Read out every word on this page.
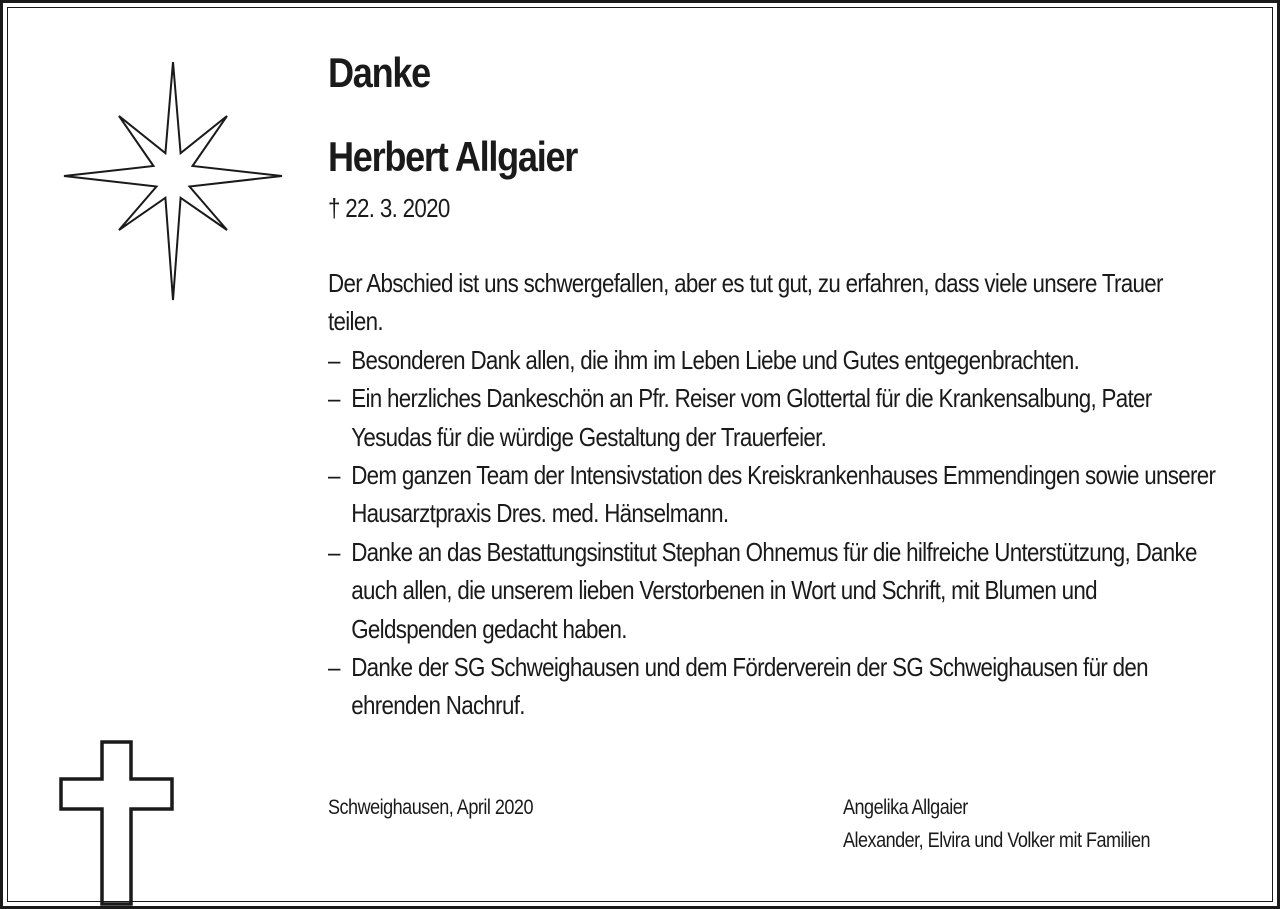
Danke
Herbert Allgaier
† 22. 3. 2020

Der Abschied ist uns schwergefallen, aber es tut gut, zu erfahren, dass viele unsere Trauer teilen.

– Besonderen Dank allen, die ihm im Leben Liebe und Gutes entgegenbrachten.
– Ein herzliches Dankeschön an Pfr. Reiser vom Glottertal für die Krankensalbung, Pater Yesudas für die würdige Gestaltung der Trauerfeier.
– Dem ganzen Team der Intensivstation des Kreiskrankenhauses Emmendingen sowie unserer Hausarztpraxis Dres. med. Hänselmann.
– Danke an das Bestattungsinstitut Stephan Ohnemus für die hilfreiche Unterstützung, Danke auch allen, die unserem lieben Verstorbenen in Wort und Schrift, mit Blumen und Geldspenden gedacht haben.
– Danke der SG Schweighausen und dem Förderverein der SG Schweighausen für den ehrenden Nachruf.
Schweighausen, April 2020	Angelika Allgaier
Alexander, Elvira und Volker mit Familien
